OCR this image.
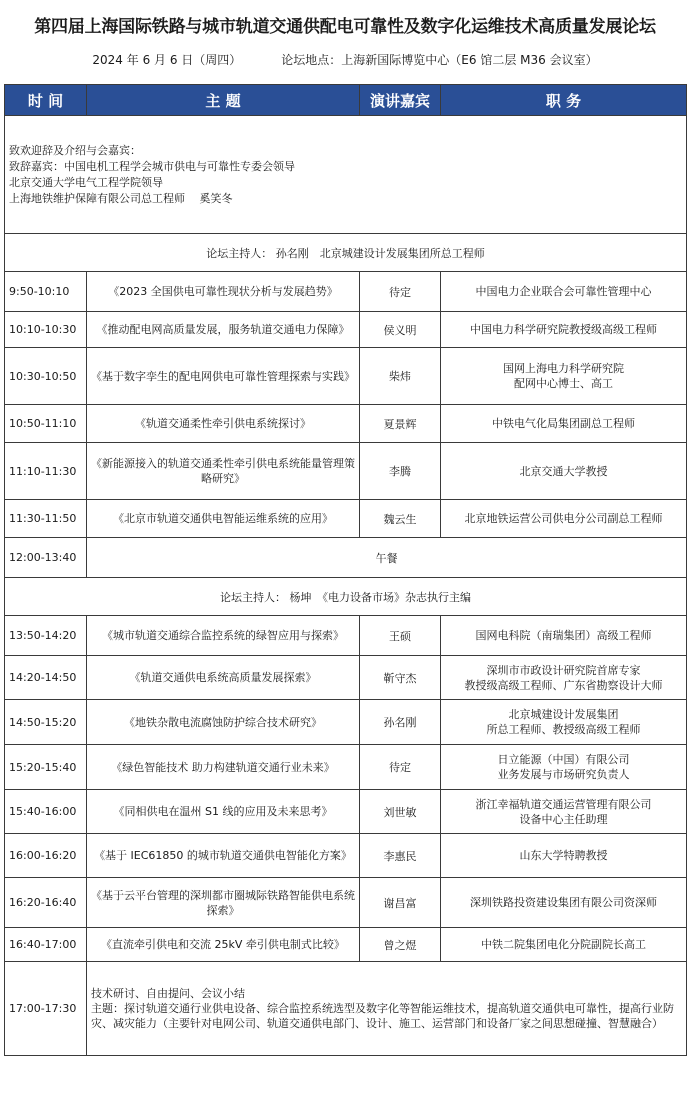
第四届上海国际铁路与城市轨道交通供配电可靠性及数字化运维技术高质量发展论坛
2024 年 6 月 6 日（周四）	论坛地点：上海新国际博览中心（E6 馆二层 M36 会议室）
时 间	主 题	演讲嘉宾	职 务

致欢迎辞及介绍与会嘉宾：
致辞嘉宾：中国电机工程学会城市供电与可靠性专委会领导
北京交通大学电气工程学院领导
上海地铁维护保障有限公司总工程师　 奚笑冬			

论坛主持人： 孙名刚　北京城建设计发展集团所总工程师			
9:50-10:10	《2023 全国供电可靠性现状分析与发展趋势》	待定	中国电力企业联合会可靠性管理中心

10:10-10:30	《推动配电网高质量发展，服务轨道交通电力保障》	侯义明	中国电力科学研究院教授级高级工程师

10:30-10:50	《基于数字孪生的配电网供电可靠性管理探索与实践》	柴炜	国网上海电力科学研究院
配网中心博士、高工

10:50-11:10	《轨道交通柔性牵引供电系统探讨》	夏景辉	中铁电气化局集团副总工程师

11:10-11:30	《新能源接入的轨道交通柔性牵引供电系统能量管理策略研究》	李腾	北京交通大学教授

11:30-11:50	《北京市轨道交通供电智能运维系统的应用》	魏云生	北京地铁运营公司供电分公司副总工程师

12:00-13:40	午餐		
论坛主持人： 杨坤　《电力设备市场》杂志执行主编			
13:50-14:20	《城市轨道交通综合监控系统的绿智应用与探索》	王硕	国网电科院（南瑞集团）高级工程师

14:20-14:50	《轨道交通供电系统高质量发展探索》	靳守杰	深圳市市政设计研究院首席专家
教授级高级工程师、广东省勘察设计大师

14:50-15:20	《地铁杂散电流腐蚀防护综合技术研究》	孙名刚	北京城建设计发展集团
所总工程师、教授级高级工程师

15:20-15:40	《绿色智能技术 助力构建轨道交通行业未来》	待定	日立能源（中国）有限公司
业务发展与市场研究负责人

15:40-16:00	《同相供电在温州 S1 线的应用及未来思考》	刘世敏	浙江幸福轨道交通运营管理有限公司
设备中心主任助理

16:00-16:20	《基于 IEC61850 的城市轨道交通供电智能化方案》	李惠民	山东大学特聘教授

16:20-16:40	《基于云平台管理的深圳都市圈城际铁路智能供电系统探索》	谢昌富	深圳铁路投资建设集团有限公司资深师

16:40-17:00	《直流牵引供电和交流 25kV 牵引供电制式比较》	曾之煜	中铁二院集团电化分院副院长高工

17:00-17:30	技术研讨、自由提问、会议小结
主题：探讨轨道交通行业供电设备、综合监控系统选型及数字化等智能运维技术，提高轨道交通供电可靠性，提高行业防灾、减灾能力（主要针对电网公司、轨道交通供电部门、设计、施工、运营部门和设备厂家之间思想碰撞、智慧融合）		
